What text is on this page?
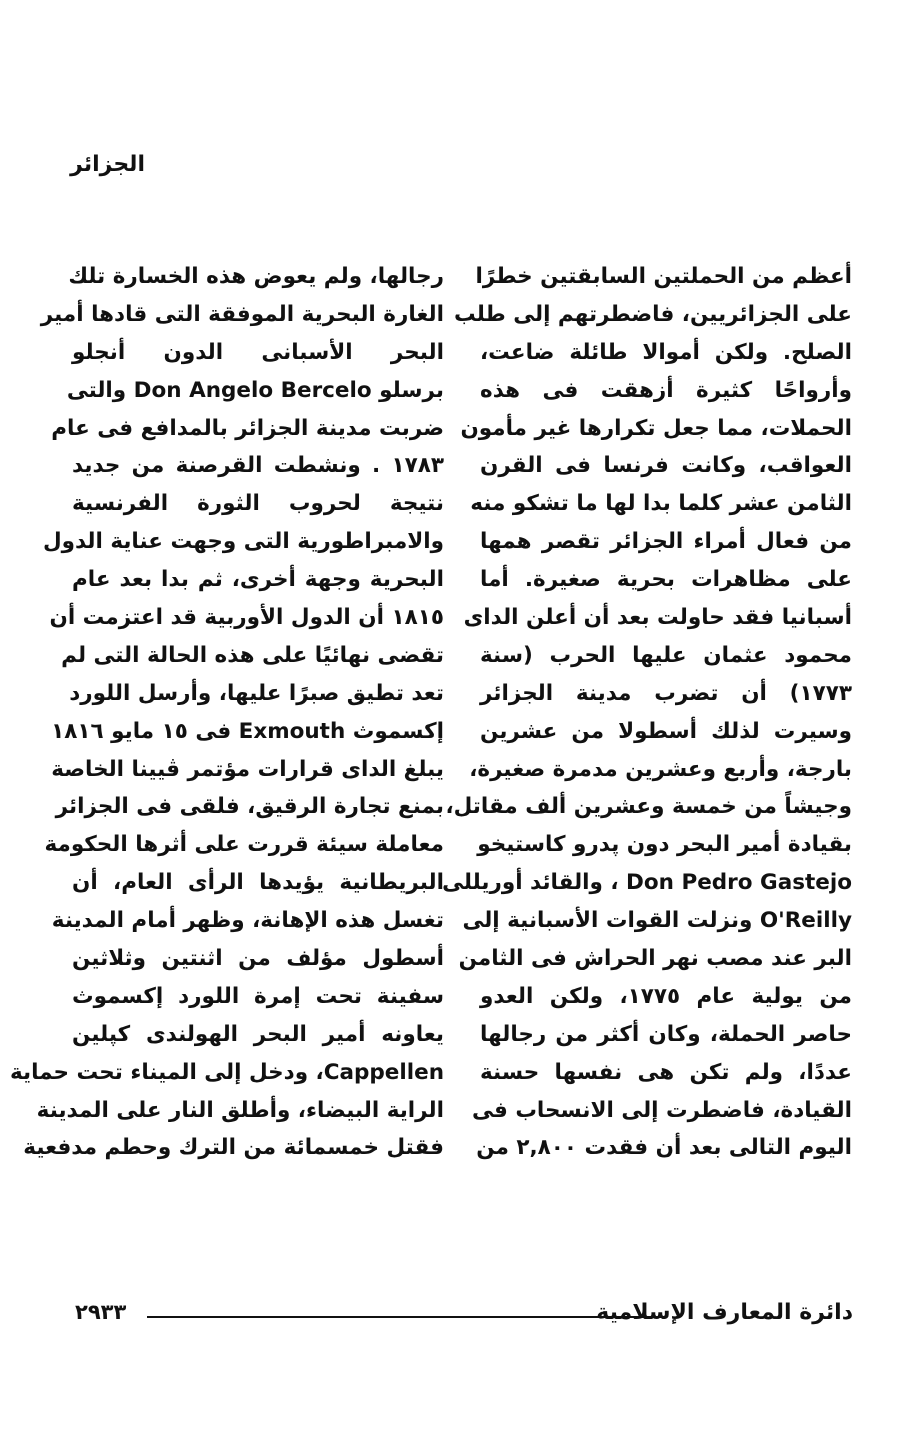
الجزائر
أعظم من الحملتين السابقتين خطرًا
على الجزائريين، فاضطرتهم إلى طلب
الصلح. ولكن أموالا طائلة ضاعت،
وأرواحًا كثيرة أزهقت فى هذه
الحملات، مما جعل تكرارها غير مأمون
العواقب، وكانت فرنسا فى القرن
الثامن عشر كلما بدا لها ما تشكو منه
من فعال أمراء الجزائر تقصر همها
على مظاهرات بحرية صغيرة. أما
أسبانيا فقد حاولت بعد أن أعلن الداى
محمود عثمان عليها الحرب (سنة
١٧٧٣) أن تضرب مدينة الجزائر
وسيرت لذلك أسطولا من عشرين
بارجة، وأربع وعشرين مدمرة صغيرة،
وجيشاً من خمسة وعشرين ألف مقاتل،
بقيادة أمير البحر دون پدرو كاستيخو
Don Pedro Gastejo ، والقائد أوريللى
O'Reilly ونزلت القوات الأسبانية إلى
البر عند مصب نهر الحراش فى الثامن
من يولية عام ١٧٧٥، ولكن العدو
حاصر الحملة، وكان أكثر من رجالها
عددًا، ولم تكن هى نفسها حسنة
القيادة، فاضطرت إلى الانسحاب فى
اليوم التالى بعد أن فقدت ٢,٨٠٠ من
رجالها، ولم يعوض هذه الخسارة تلك
الغارة البحرية الموفقة التى قادها أمير
البحر الأسبانى الدون أنجلو
برسلو Don Angelo Bercelo والتى
ضربت مدينة الجزائر بالمدافع فى عام
١٧٨٣ . ونشطت القرصنة من جديد
نتيجة لحروب الثورة الفرنسية
والامبراطورية التى وجهت عناية الدول
البحرية وجهة أخرى، ثم بدا بعد عام
١٨١٥ أن الدول الأوربية قد اعتزمت أن
تقضى نهائيًا على هذه الحالة التى لم
تعد تطيق صبرًا عليها، وأرسل اللورد
إكسموث Exmouth فى ١٥ مايو ١٨١٦
يبلغ الداى قرارات مؤتمر ڤيينا الخاصة
بمنع تجارة الرقيق، فلقى فى الجزائر
معاملة سيئة قررت على أثرها الحكومة
البريطانية يؤيدها الرأى العام، أن
تغسل هذه الإهانة، وظهر أمام المدينة
أسطول مؤلف من اثنتين وثلاثين
سفينة تحت إمرة اللورد إكسموث
يعاونه أمير البحر الهولندى كپلين
Cappellen، ودخل إلى الميناء تحت حماية
الراية البيضاء، وأطلق النار على المدينة
فقتل خمسمائة من الترك وحطم مدفعية
دائرة المعارف الإسلامية
٢٩٣٣
